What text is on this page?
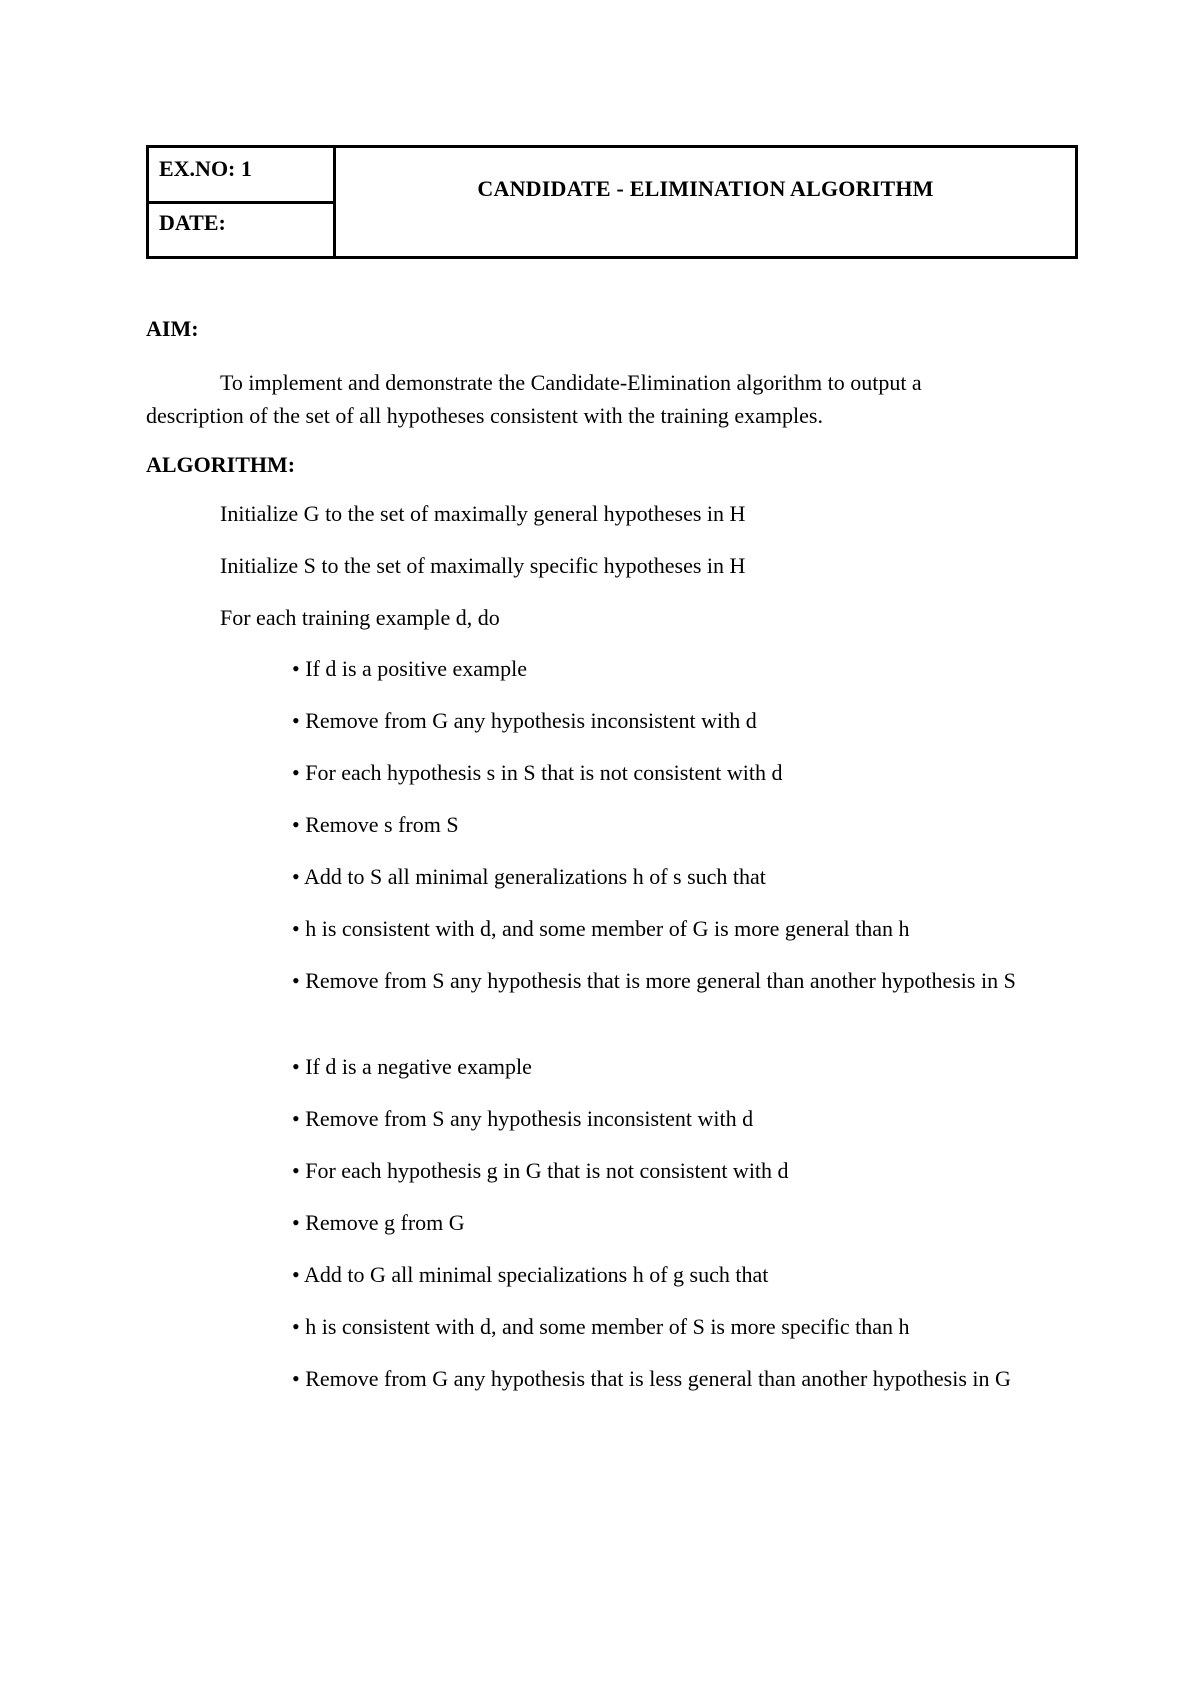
EX.NO: 1
DATE:
CANDIDATE - ELIMINATION ALGORITHM
AIM:
To implement and demonstrate the Candidate-Elimination algorithm to output a
description of the set of all hypotheses consistent with the training examples.
ALGORITHM:
Initialize G to the set of maximally general hypotheses in H
Initialize S to the set of maximally specific hypotheses in H
For each training example d, do
• If d is a positive example
• Remove from G any hypothesis inconsistent with d
• For each hypothesis s in S that is not consistent with d
• Remove s from S
• Add to S all minimal generalizations h of s such that
• h is consistent with d, and some member of G is more general than h
• Remove from S any hypothesis that is more general than another hypothesis in S
• If d is a negative example
• Remove from S any hypothesis inconsistent with d
• For each hypothesis g in G that is not consistent with d
• Remove g from G
• Add to G all minimal specializations h of g such that
• h is consistent with d, and some member of S is more specific than h
• Remove from G any hypothesis that is less general than another hypothesis in G
